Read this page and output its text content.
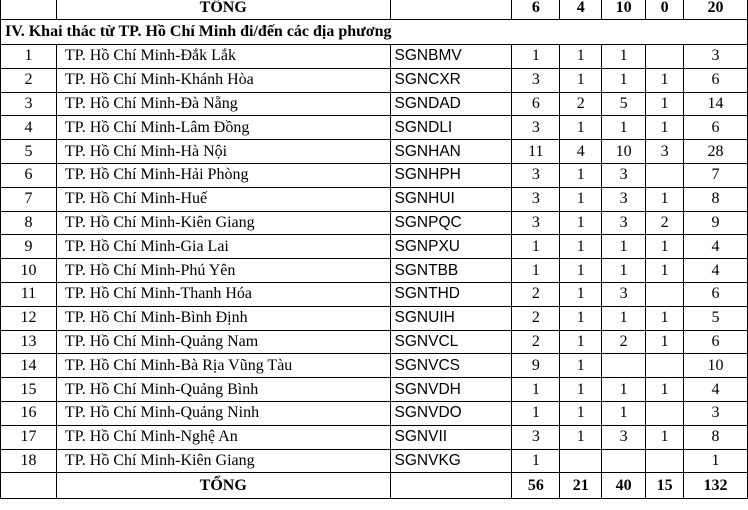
	TỔNG		6	4	10	0	20
IV. Khai thác từ TP. Hồ Chí Minh đi/đến các địa phương							
1	TP. Hồ Chí Minh-Đắk Lắk	SGNBMV	1	1	1		3
2	TP. Hồ Chí Minh-Khánh Hòa	SGNCXR	3	1	1	1	6
3	TP. Hồ Chí Minh-Đà Nẵng	SGNDAD	6	2	5	1	14
4	TP. Hồ Chí Minh-Lâm Đồng	SGNDLI	3	1	1	1	6
5	TP. Hồ Chí Minh-Hà Nội	SGNHAN	11	4	10	3	28
6	TP. Hồ Chí Minh-Hải Phòng	SGNHPH	3	1	3		7
7	TP. Hồ Chí Minh-Huế	SGNHUI	3	1	3	1	8
8	TP. Hồ Chí Minh-Kiên Giang	SGNPQC	3	1	3	2	9
9	TP. Hồ Chí Minh-Gia Lai	SGNPXU	1	1	1	1	4
10	TP. Hồ Chí Minh-Phú Yên	SGNTBB	1	1	1	1	4
11	TP. Hồ Chí Minh-Thanh Hóa	SGNTHD	2	1	3		6
12	TP. Hồ Chí Minh-Bình Định	SGNUIH	2	1	1	1	5
13	TP. Hồ Chí Minh-Quảng Nam	SGNVCL	2	1	2	1	6
14	TP. Hồ Chí Minh-Bà Rịa Vũng Tàu	SGNVCS	9	1			10
15	TP. Hồ Chí Minh-Quảng Bình	SGNVDH	1	1	1	1	4
16	TP. Hồ Chí Minh-Quảng Ninh	SGNVDO	1	1	1		3
17	TP. Hồ Chí Minh-Nghệ An	SGNVII	3	1	3	1	8
18	TP. Hồ Chí Minh-Kiên Giang	SGNVKG	1				1
	TỔNG		56	21	40	15	132
